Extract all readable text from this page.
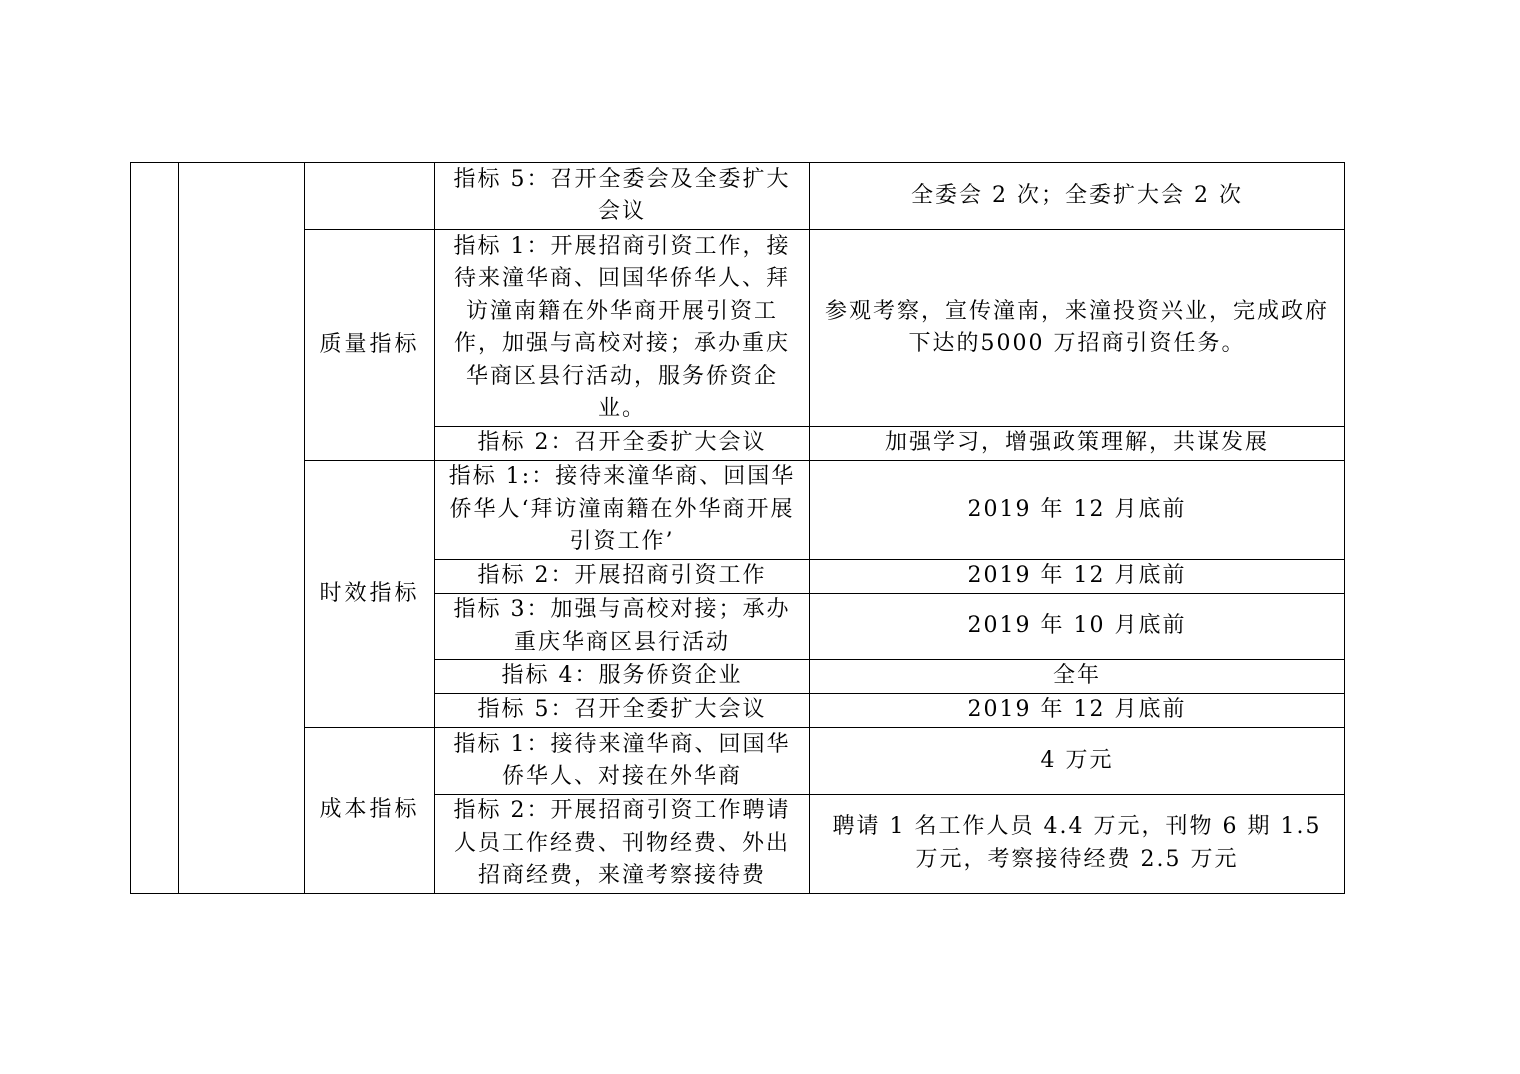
			指标 5：召开全委会及全委扩大会议	全委会 2 次；全委扩大会 2 次
		质量指标	指标 1：开展招商引资工作，接待来潼华商、回国华侨华人、拜访潼南籍在外华商开展引资工作，加强与高校对接；承办重庆华商区县行活动，服务侨资企业。	参观考察，宣传潼南，来潼投资兴业，完成政府下达的5000 万招商引资任务。
			指标 2：召开全委扩大会议	加强学习，增强政策理解，共谋发展
		时效指标	指标 1:：接待来潼华商、回国华侨华人‘拜访潼南籍在外华商开展引资工作’	2019 年 12 月底前
			指标 2：开展招商引资工作	2019 年 12 月底前
			指标 3：加强与高校对接；承办重庆华商区县行活动	2019 年 10 月底前
			指标 4：服务侨资企业	全年
			指标 5：召开全委扩大会议	2019 年 12 月底前
		成本指标	指标 1：接待来潼华商、回国华侨华人、对接在外华商	4 万元
			指标 2：开展招商引资工作聘请人员工作经费、刊物经费、外出招商经费，来潼考察接待费	聘请 1 名工作人员 4.4 万元，刊物 6 期 1.5 万元，考察接待经费 2.5 万元
